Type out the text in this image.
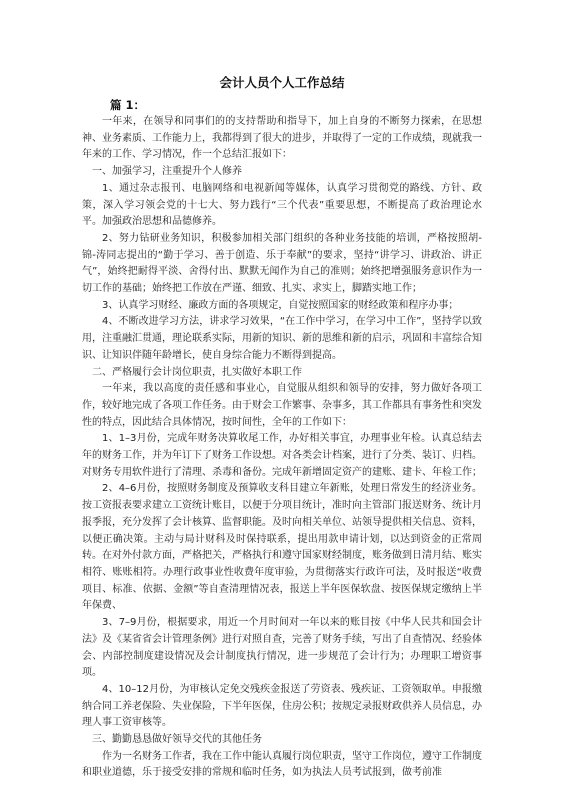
会计人员个人工作总结
篇 1：

一年来，在领导和同事们的的支持帮助和指导下，加上自身的不断努力探索，在思想神、业务素质、工作能力上，我都得到了很大的进步，并取得了一定的工作成绩，现就我一年来的工作、学习情况，作一个总结汇报如下：

一、加强学习，注重提升个人修养

1、通过杂志报刊、电脑网络和电视新闻等媒体，认真学习贯彻党的路线、方针、政策，深入学习领会党的十七大、努力践行“三个代表”重要思想，不断提高了政治理论水平。加强政治思想和品德修养。

2、努力钻研业务知识，积极参加相关部门组织的各种业务技能的培训，严格按照胡-锦-涛同志提出的“勤于学习、善于创造、乐于奉献”的要求，坚持“讲学习、讲政治、讲正气”，始终把耐得平淡、舍得付出、默默无闻作为自己的准则；始终把增强服务意识作为一切工作的基础；始终把工作放在严谨、细致、扎实、求实上，脚踏实地工作；

3、认真学习财经、廉政方面的各项规定，自觉按照国家的财经政策和程序办事；

4、不断改进学习方法，讲求学习效果，“在工作中学习，在学习中工作”，坚持学以致用，注重融汇贯通，理论联系实际，用新的知识、新的思维和新的启示，巩固和丰富综合知识、让知识伴随年龄增长，使自身综合能力不断得到提高。

二、严格履行会计岗位职责，扎实做好本职工作

一年来，我以高度的责任感和事业心，自觉服从组织和领导的安排，努力做好各项工作，较好地完成了各项工作任务。由于财会工作繁事、杂事多，其工作都具有事务性和突发性的特点，因此结合具体情况，按时间性，全年的工作如下：

1、1–3月份，完成年财务决算收尾工作，办好相关事宜，办理事业年检。认真总结去年的财务工作，并为年订下了财务工作设想。对各类会计档案，进行了分类、装订、归档。对财务专用软件进行了清理、杀毒和备份。完成年新增固定资产的建账、建卡、年检工作；

2、4–6月份，按照财务制度及预算收支科目建立年新账，处理日常发生的经济业务。按工资报表要求建立工资统计账目，以便于分项目统计，准时向主管部门报送财务、统计月报季报，充分发挥了会计核算、监督职能。及时向相关单位、站领导提供相关信息、资料，以便正确决策。主动与局计财科及时保持联系，提出用款申请计划，以达到资金的正常周转。在对外付款方面，严格把关，严格执行和遵守国家财经制度，账务做到日清月结、账实相符、账账相符。办理行政事业性收费年度审验，为贯彻落实行政许可法，及时报送“收费项目、标准、依据、金额”等自查清理情况表，报送上半年医保软盘、按医保规定缴纳上半年保费、

3、7–9月份，根据要求，用近一个月时间对一年以来的账目按《中华人民共和国会计法》及《某省省会计管理条例》进行对照自查，完善了财务手续，写出了自查情况、经验体会、内部控制度建设情况及会计制度执行情况，进一步规范了会计行为；办理职工增资事项。

4、10–12月份，为审核认定免交残疾金报送了劳资表、残疾证、工资领取单。申报缴纳合同工养老保险、失业保险，下半年医保，住房公积；按规定录报财政供养人员信息，办理人事工资审核等。

三、勤勤恳恳做好领导交代的其他任务

作为一名财务工作者，我在工作中能认真履行岗位职责，坚守工作岗位，遵守工作制度和职业道德，乐于接受安排的常规和临时任务，如为执法人员考试报到，做考前准
